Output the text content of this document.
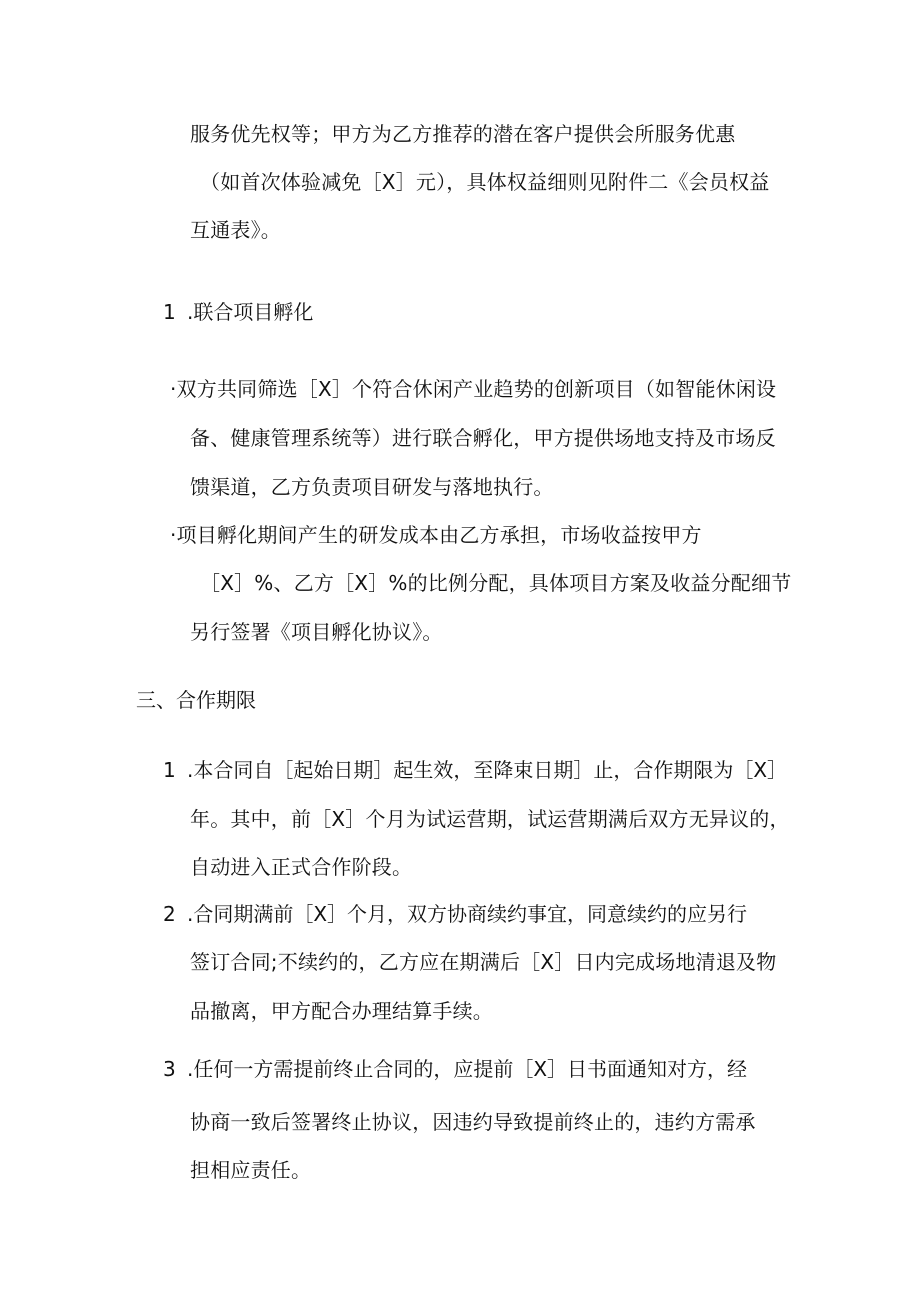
服务优先权等；甲方为乙方推荐的潜在客户提供会所服务优惠
（如首次体验减免［X］元），具体权益细则见附件二《会员权益
互通表》。
1 .联合项目孵化
·双方共同筛选［X］个符合休闲产业趋势的创新项目（如智能休闲设
备、健康管理系统等）进行联合孵化，甲方提供场地支持及市场反
馈渠道，乙方负责项目研发与落地执行。
·项目孵化期间产生的研发成本由乙方承担，市场收益按甲方
［X］%、乙方［X］%的比例分配，具体项目方案及收益分配细节
另行签署《项目孵化协议》。
三、合作期限
1 .本合同自［起始日期］起生效，至降束日期］止，合作期限为［X］
年。其中，前［X］个月为试运营期，试运营期满后双方无异议的，
自动进入正式合作阶段。
2 .合同期满前［X］个月，双方协商续约事宜，同意续约的应另行
签订合同;不续约的，乙方应在期满后［X］日内完成场地清退及物
品撤离，甲方配合办理结算手续。
3 .任何一方需提前终止合同的，应提前［X］日书面通知对方，经
协商一致后签署终止协议，因违约导致提前终止的，违约方需承
担相应责任。
